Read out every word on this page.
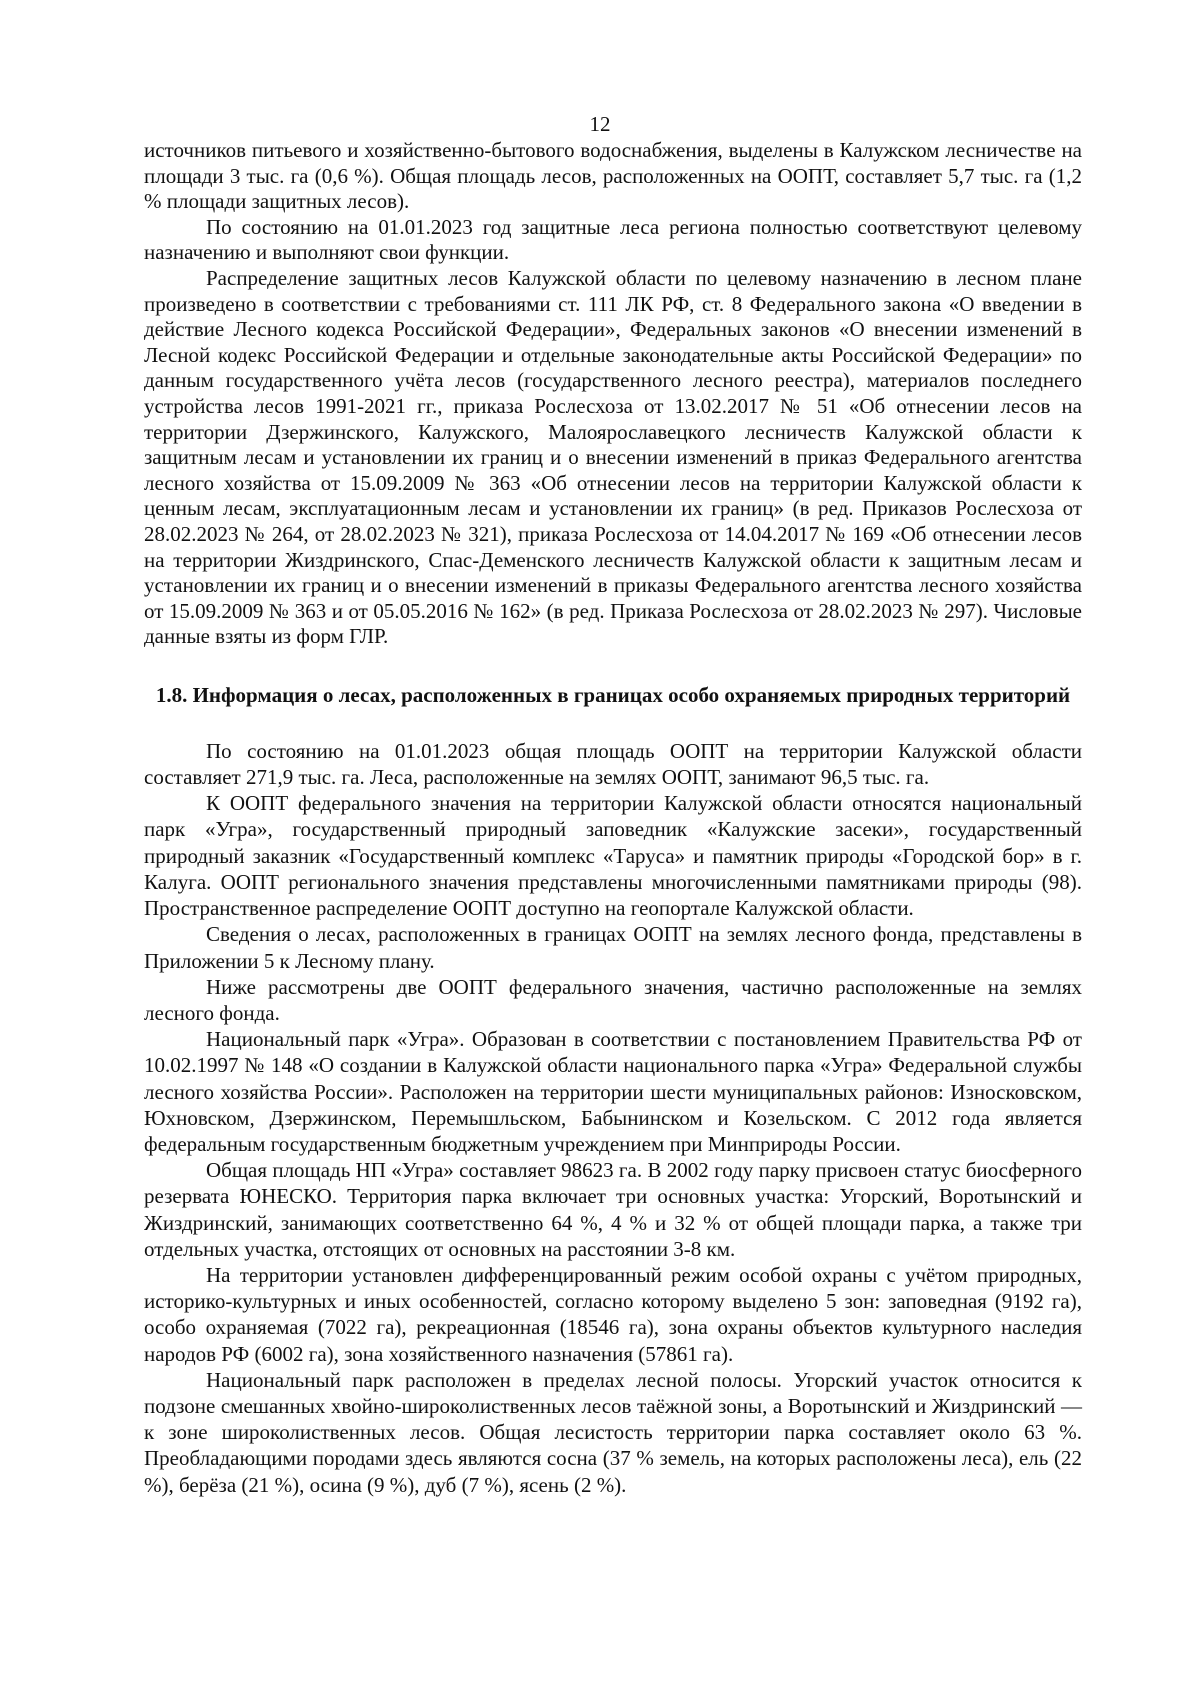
12

источников питьевого и хозяйственно-бытового водоснабжения, выделены в Калужском лесничестве на площади 3 тыс. га (0,6 %). Общая площадь лесов, расположенных на ООПТ, составляет 5,7 тыс. га (1,2 % площади защитных лесов).

По состоянию на 01.01.2023 год защитные леса региона полностью соответствуют целевому назначению и выполняют свои функции.

Распределение защитных лесов Калужской области по целевому назначению в лесном плане произведено в соответствии с требованиями ст. 111 ЛК РФ, ст. 8 Федерального закона «О введении в действие Лесного кодекса Российской Федерации», Федеральных законов «О внесении изменений в Лесной кодекс Российской Федерации и отдельные законодательные акты Российской Федерации» по данным государственного учёта лесов (государственного лесного реестра), материалов последнего устройства лесов 1991-2021 гг., приказа Рослесхоза от 13.02.2017 № 51 «Об отнесении лесов на территории Дзержинского, Калужского, Малоярославецкого лесничеств Калужской области к защитным лесам и установлении их границ и о внесении изменений в приказ Федерального агентства лесного хозяйства от 15.09.2009 № 363 «Об отнесении лесов на территории Калужской области к ценным лесам, эксплуатационным лесам и установлении их границ» (в ред. Приказов Рослесхоза от 28.02.2023 № 264, от 28.02.2023 № 321), приказа Рослесхоза от 14.04.2017 № 169 «Об отнесении лесов на территории Жиздринского, Спас-Деменского лесничеств Калужской области к защитным лесам и установлении их границ и о внесении изменений в приказы Федерального агентства лесного хозяйства от 15.09.2009 № 363 и от 05.05.2016 № 162» (в ред. Приказа Рослесхоза от 28.02.2023 № 297). Числовые данные взяты из форм ГЛР.

1.8. Информация о лесах, расположенных в границах особо охраняемых природных территорий

По состоянию на 01.01.2023 общая площадь ООПТ на территории Калужской области составляет 271,9 тыс. га. Леса, расположенные на землях ООПТ, занимают 96,5 тыс. га.

К ООПТ федерального значения на территории Калужской области относятся национальный парк «Угра», государственный природный заповедник «Калужские засеки», государственный природный заказник «Государственный комплекс «Таруса» и памятник природы «Городской бор» в г. Калуга. ООПТ регионального значения представлены многочисленными памятниками природы (98). Пространственное распределение ООПТ доступно на геопортале Калужской области.

Сведения о лесах, расположенных в границах ООПТ на землях лесного фонда, представлены в Приложении 5 к Лесному плану.

Ниже рассмотрены две ООПТ федерального значения, частично расположенные на землях лесного фонда.

Национальный парк «Угра». Образован в соответствии с постановлением Правительства РФ от 10.02.1997 № 148 «О создании в Калужской области национального парка «Угра» Федеральной службы лесного хозяйства России». Расположен на территории шести муниципальных районов: Износковском, Юхновском, Дзержинском, Перемышльском, Бабынинском и Козельском. С 2012 года является федеральным государственным бюджетным учреждением при Минприроды России.

Общая площадь НП «Угра» составляет 98623 га. В 2002 году парку присвоен статус биосферного резервата ЮНЕСКО. Территория парка включает три основных участка: Угорский, Воротынский и Жиздринский, занимающих соответственно 64 %, 4 % и 32 % от общей площади парка, а также три отдельных участка, отстоящих от основных на расстоянии 3-8 км.

На территории установлен дифференцированный режим особой охраны с учётом природных, историко-культурных и иных особенностей, согласно которому выделено 5 зон: заповедная (9192 га), особо охраняемая (7022 га), рекреационная (18546 га), зона охраны объектов культурного наследия народов РФ (6002 га), зона хозяйственного назначения (57861 га).

Национальный парк расположен в пределах лесной полосы. Угорский участок относится к подзоне смешанных хвойно-широколиственных лесов таёжной зоны, а Воротынский и Жиздринский — к зоне широколиственных лесов. Общая лесистость территории парка составляет около 63 %. Преобладающими породами здесь являются сосна (37 % земель, на которых расположены леса), ель (22 %), берёза (21 %), осина (9 %), дуб (7 %), ясень (2 %).
